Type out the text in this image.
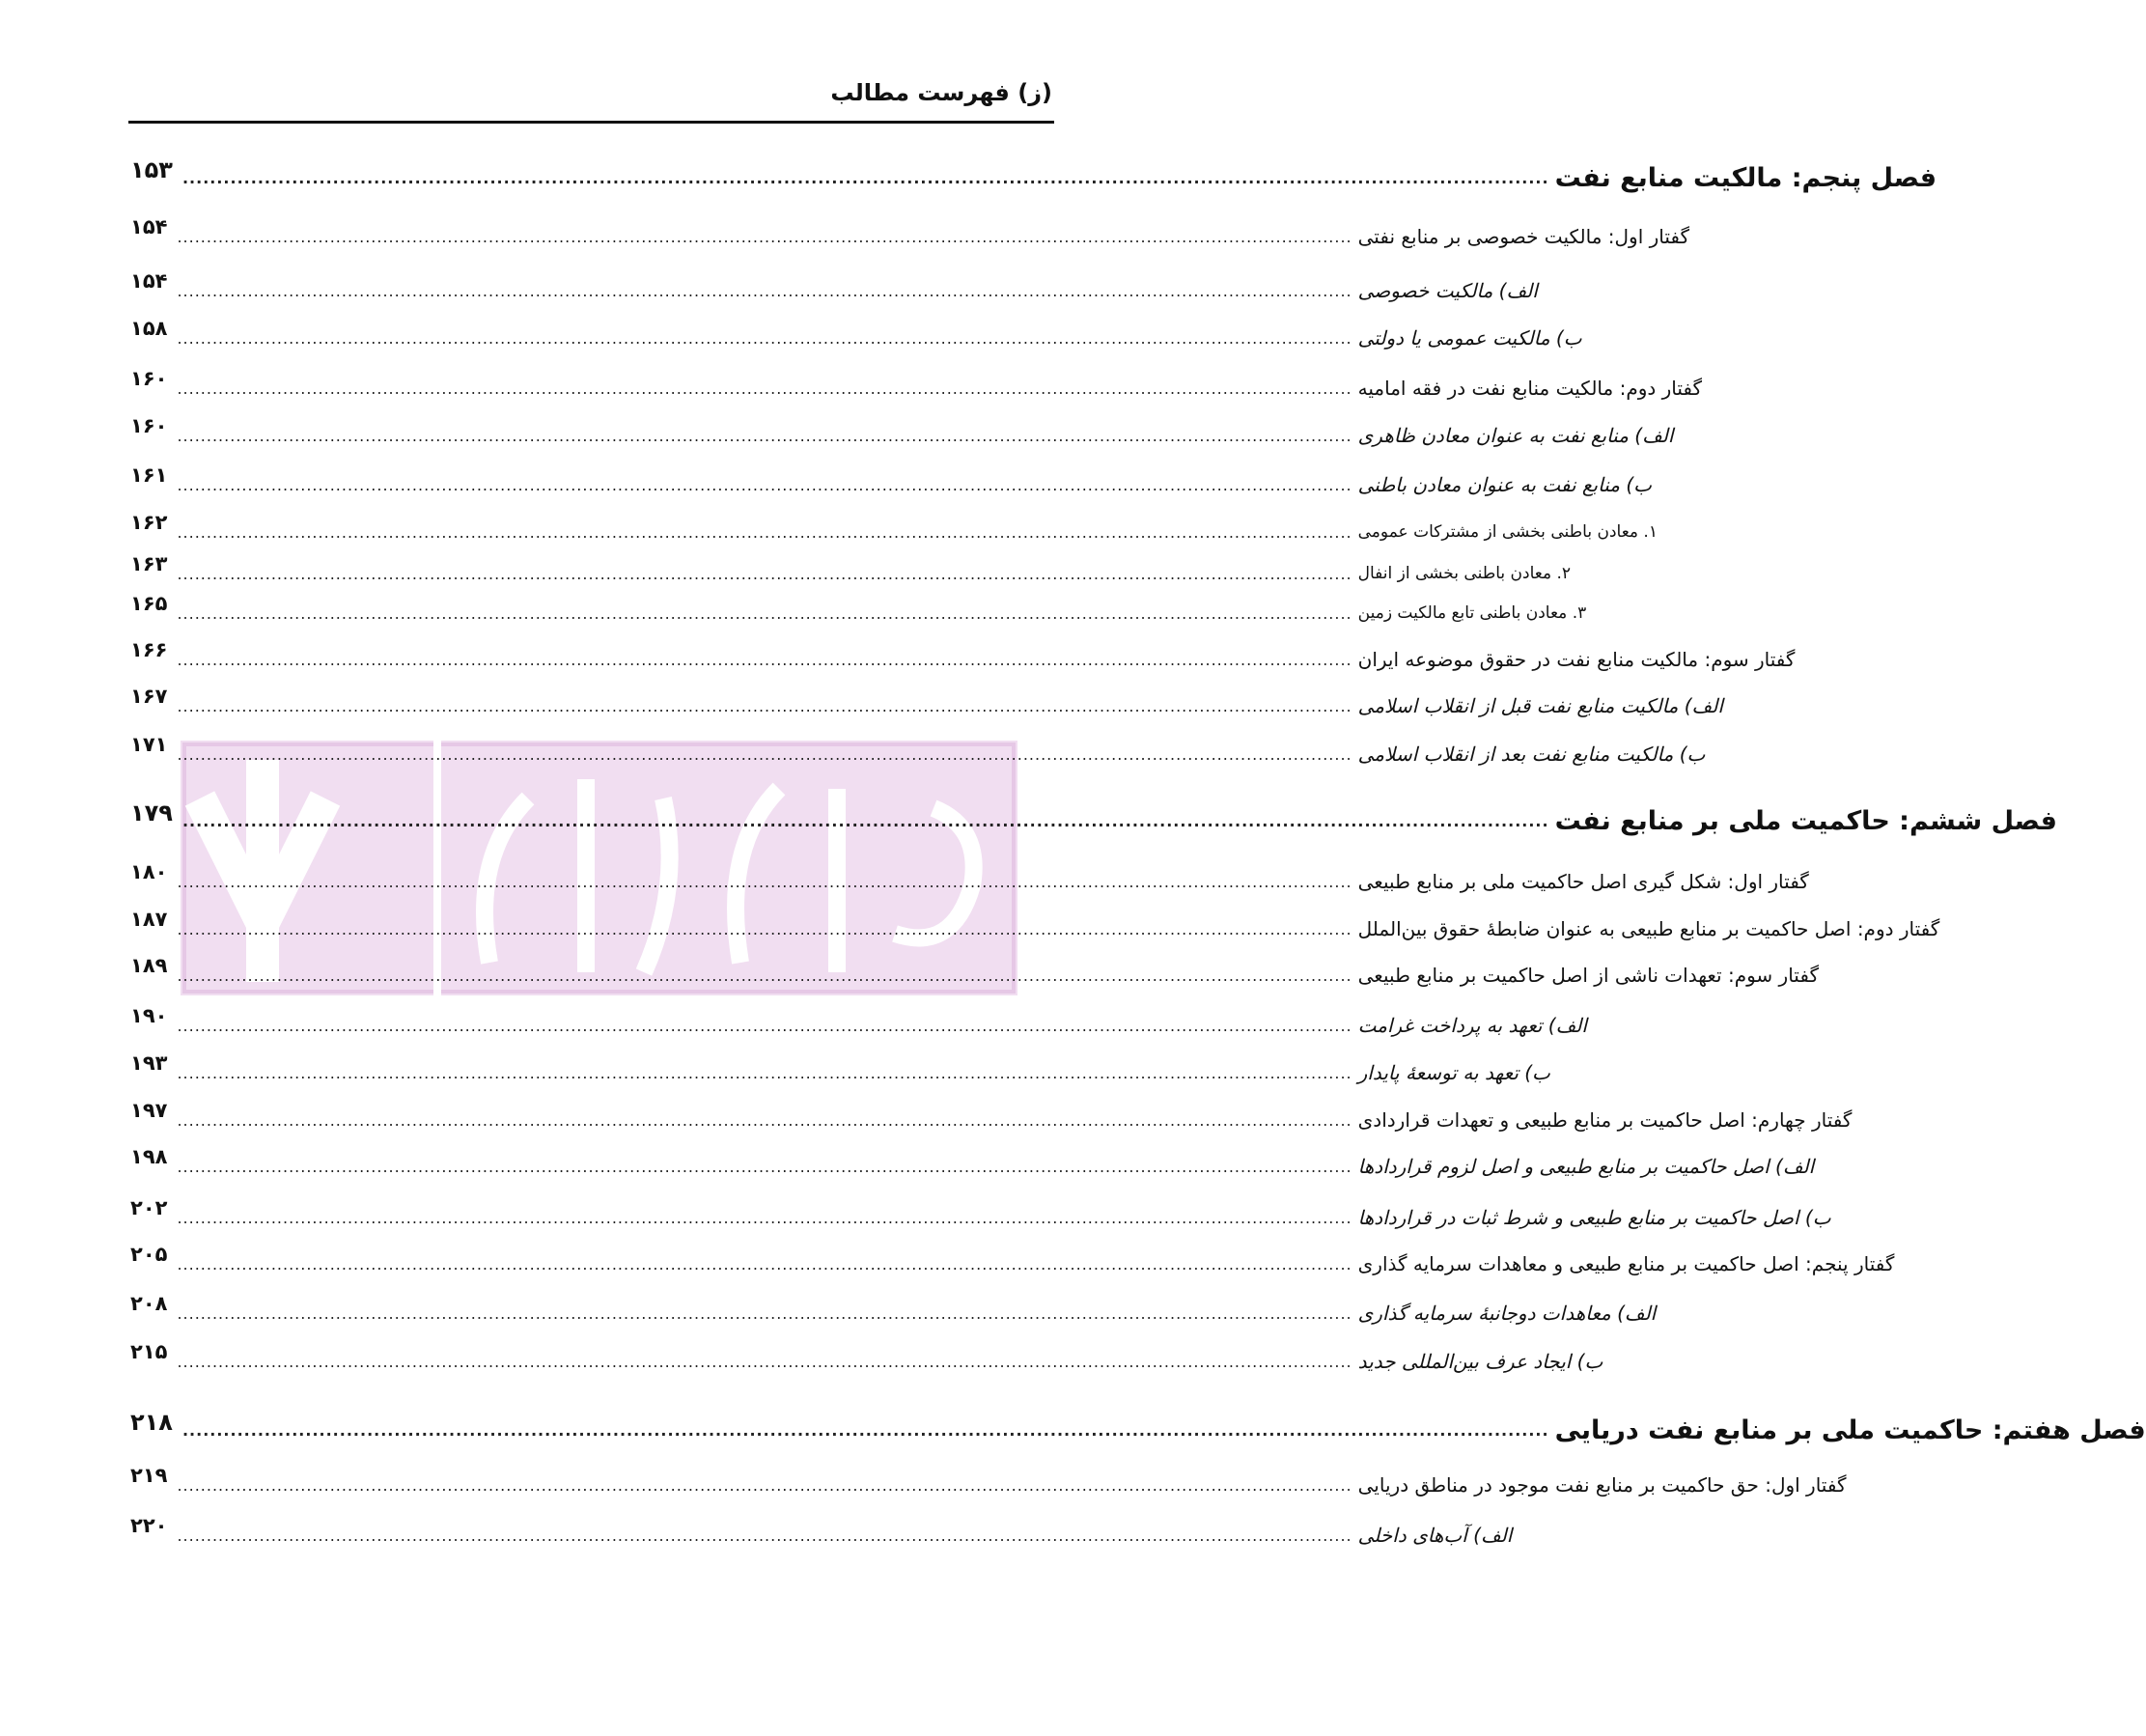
(ز) فهرست مطالب
۱۵۳ ........................................................................................................................................................................................................ فصل پنجم: مالکیت منابع نفت
۱۵۴ ........................................................................................................................................................................................................ گفتار اول: مالکیت خصوصی بر منابع نفتی
۱۵۴ ........................................................................................................................................................................................................ الف) مالکیت خصوصی
۱۵۸ ........................................................................................................................................................................................................ ب) مالکیت عمومی یا دولتی
۱۶۰ ........................................................................................................................................................................................................ گفتار دوم: مالکیت منابع نفت در فقه امامیه
۱۶۰ ........................................................................................................................................................................................................ الف) منابع نفت به عنوان معادن ظاهری
۱۶۱ ........................................................................................................................................................................................................ ب) منابع نفت به عنوان معادن باطنی
۱۶۲ ........................................................................................................................................................................................................ ۱. معادن باطنی بخشی از مشترکات عمومی
۱۶۳ ........................................................................................................................................................................................................ ۲. معادن باطنی بخشی از انفال
۱۶۵ ........................................................................................................................................................................................................ ۳. معادن باطنی تابع مالکیت زمین
۱۶۶ ........................................................................................................................................................................................................ گفتار سوم: مالکیت منابع نفت در حقوق موضوعه ایران
۱۶۷ ........................................................................................................................................................................................................ الف) مالکیت منابع نفت قبل از انقلاب اسلامی
۱۷۱ ........................................................................................................................................................................................................ ب) مالکیت منابع نفت بعد از انقلاب اسلامی
۱۷۹ ........................................................................................................................................................................................................ فصل ششم: حاکمیت ملی بر منابع نفت
۱۸۰ ........................................................................................................................................................................................................ گفتار اول: شکل گیری اصل حاکمیت ملی بر منابع طبیعی
۱۸۷ ........................................................................................................................................................................................................ گفتار دوم: اصل حاکمیت بر منابع طبیعی به عنوان ضابطهٔ حقوق بین‌الملل
۱۸۹ ........................................................................................................................................................................................................ گفتار سوم: تعهدات ناشی از اصل حاکمیت بر منابع طبیعی
۱۹۰ ........................................................................................................................................................................................................ الف) تعهد به پرداخت غرامت
۱۹۳ ........................................................................................................................................................................................................ ب) تعهد به توسعهٔ پایدار
۱۹۷ ........................................................................................................................................................................................................ گفتار چهارم: اصل حاکمیت بر منابع طبیعی و تعهدات قراردادی
۱۹۸ ........................................................................................................................................................................................................ الف) اصل حاکمیت بر منابع طبیعی و اصل لزوم قراردادها
۲۰۲ ........................................................................................................................................................................................................ ب) اصل حاکمیت بر منابع طبیعی و شرط ثبات در قراردادها
۲۰۵ ........................................................................................................................................................................................................ گفتار پنجم: اصل حاکمیت بر منابع طبیعی و معاهدات سرمایه گذاری
۲۰۸ ........................................................................................................................................................................................................ الف) معاهدات دوجانبهٔ سرمایه گذاری
۲۱۵ ........................................................................................................................................................................................................ ب) ایجاد عرف بین‌المللی جدید
۲۱۸ ........................................................................................................................................................................................................ فصل هفتم: حاکمیت ملی بر منابع نفت دریایی
۲۱۹ ........................................................................................................................................................................................................ گفتار اول: حق حاکمیت بر منابع نفت موجود در مناطق دریایی
۲۲۰ ........................................................................................................................................................................................................ الف) آب‌های داخلی
